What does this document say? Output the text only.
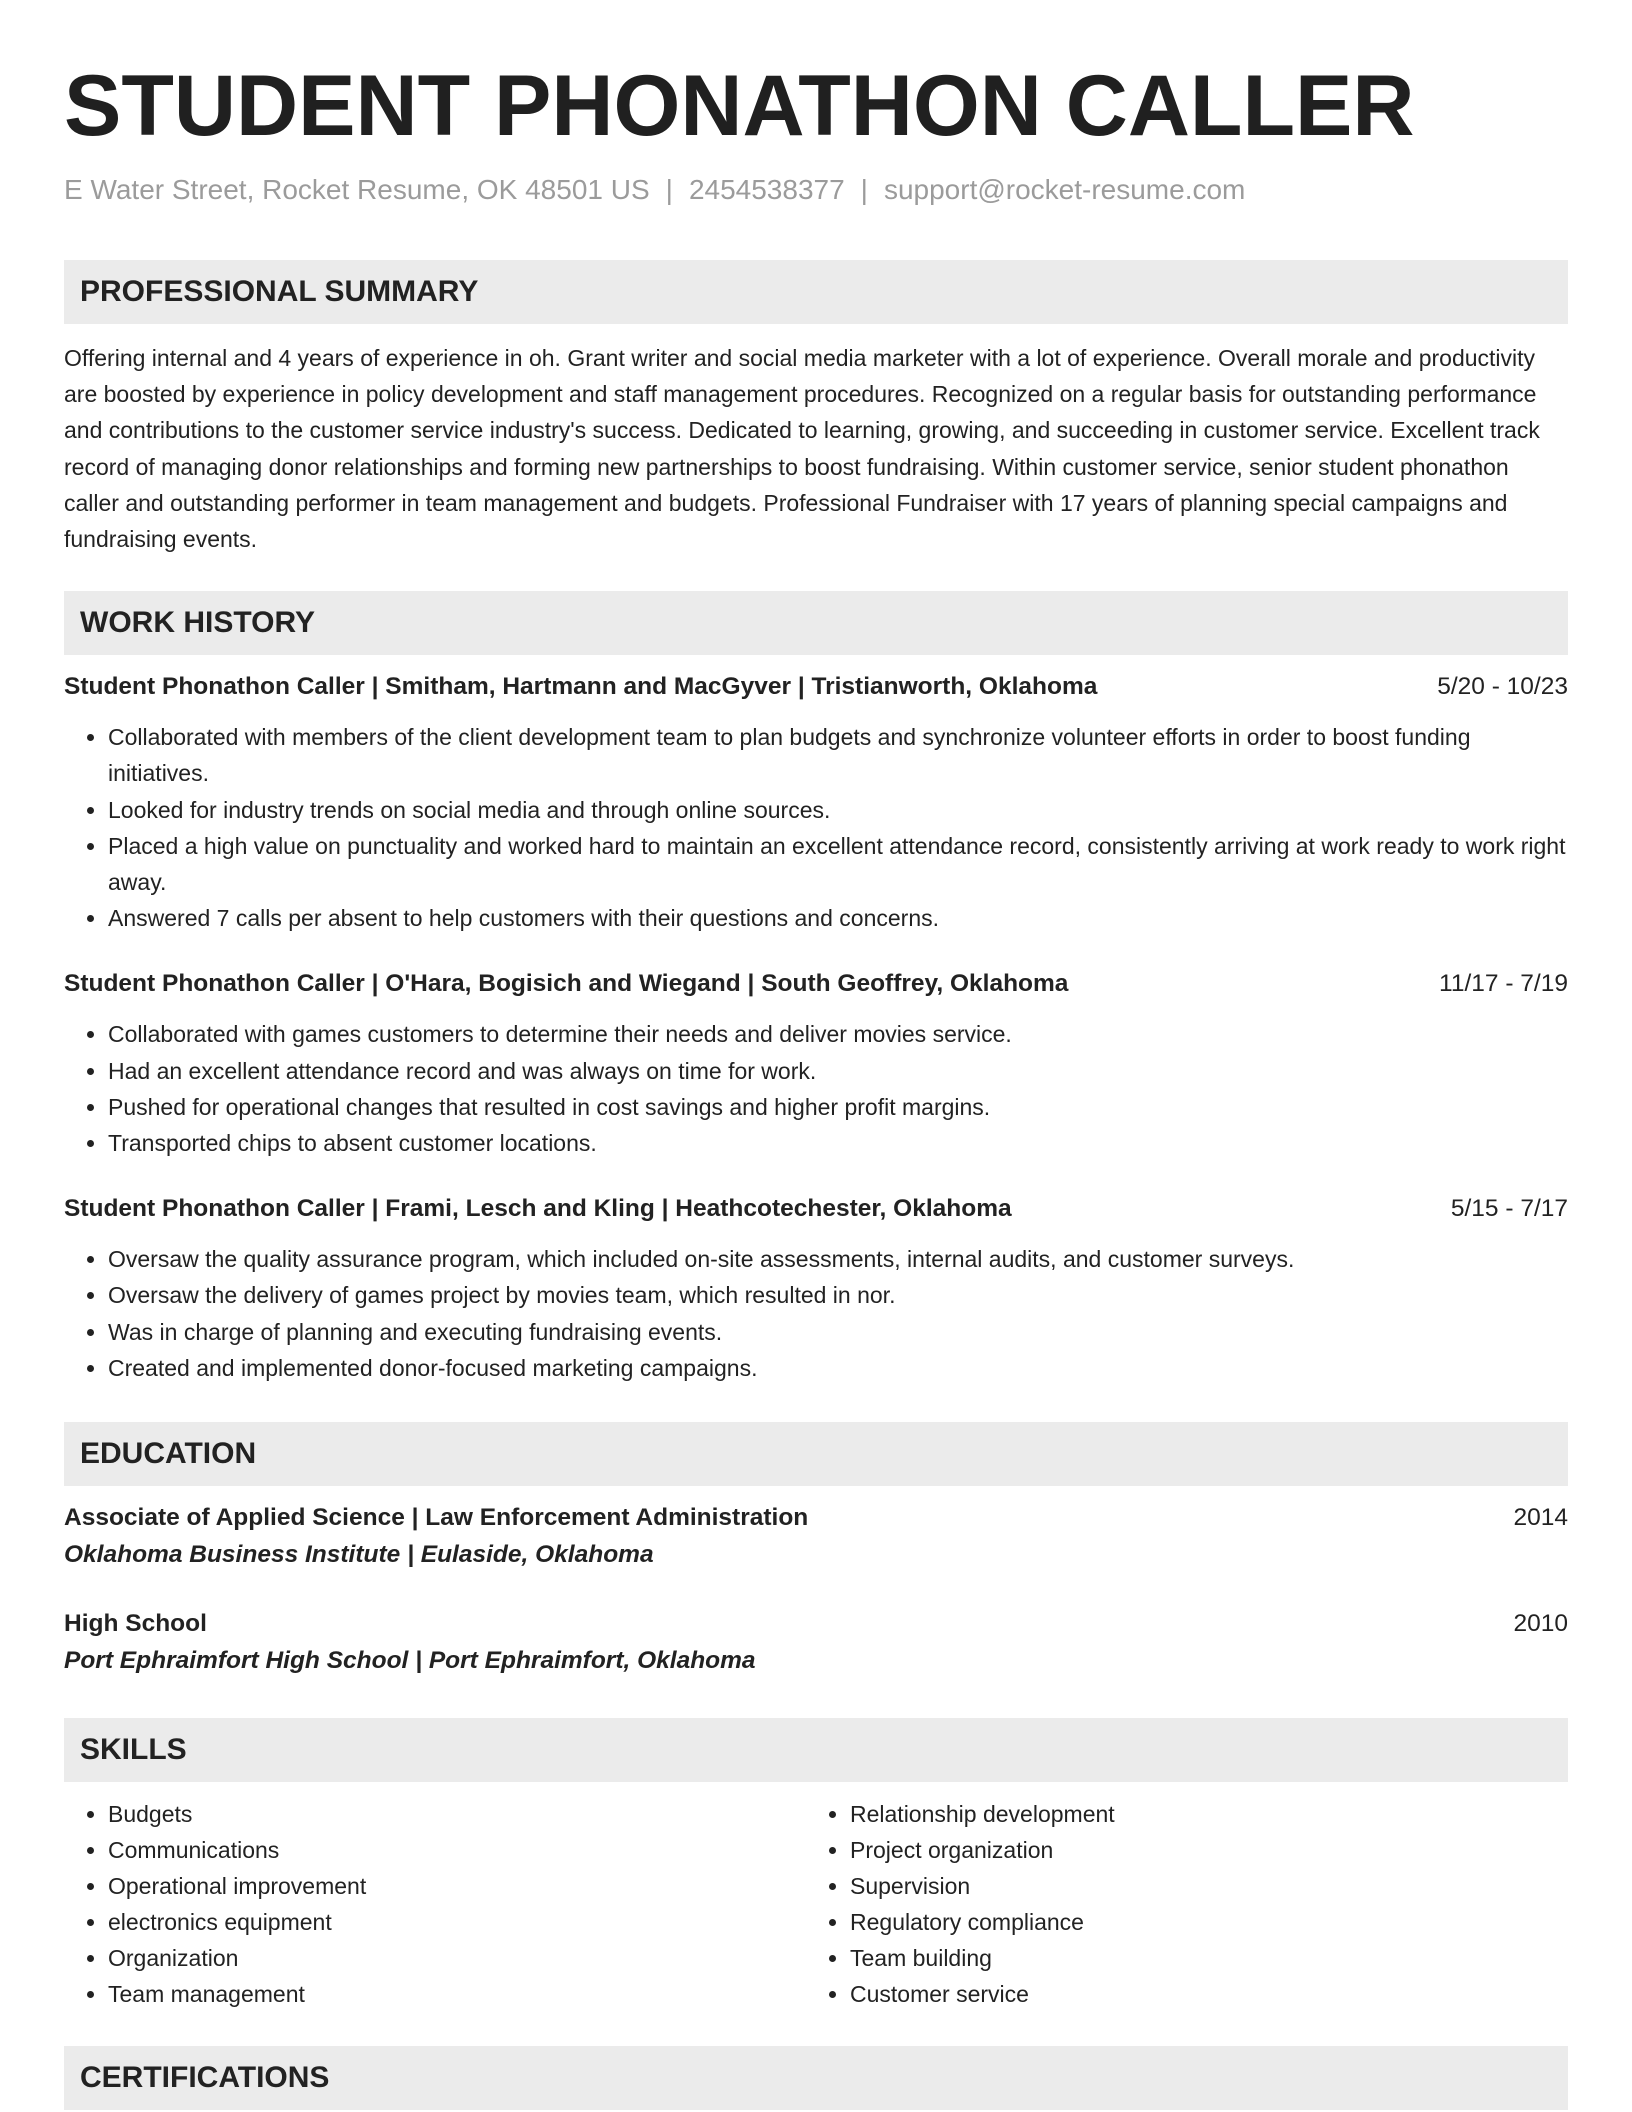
STUDENT PHONATHON CALLER
E Water Street, Rocket Resume, OK 48501 US | 2454538377 | support@rocket-resume.com
PROFESSIONAL SUMMARY
Offering internal and 4 years of experience in oh. Grant writer and social media marketer with a lot of experience. Overall morale and productivity are boosted by experience in policy development and staff management procedures. Recognized on a regular basis for outstanding performance and contributions to the customer service industry's success. Dedicated to learning, growing, and succeeding in customer service. Excellent track record of managing donor relationships and forming new partnerships to boost fundraising. Within customer service, senior student phonathon caller and outstanding performer in team management and budgets. Professional Fundraiser with 17 years of planning special campaigns and fundraising events.
WORK HISTORY
Student Phonathon Caller | Smitham, Hartmann and MacGyver | Tristianworth, Oklahoma	5/20 - 10/23
• Collaborated with members of the client development team to plan budgets and synchronize volunteer efforts in order to boost funding initiatives.
• Looked for industry trends on social media and through online sources.
• Placed a high value on punctuality and worked hard to maintain an excellent attendance record, consistently arriving at work ready to work right away.
• Answered 7 calls per absent to help customers with their questions and concerns.
Student Phonathon Caller | O'Hara, Bogisich and Wiegand | South Geoffrey, Oklahoma	11/17 - 7/19
• Collaborated with games customers to determine their needs and deliver movies service.
• Had an excellent attendance record and was always on time for work.
• Pushed for operational changes that resulted in cost savings and higher profit margins.
• Transported chips to absent customer locations.
Student Phonathon Caller | Frami, Lesch and Kling | Heathcotechester, Oklahoma	5/15 - 7/17
• Oversaw the quality assurance program, which included on-site assessments, internal audits, and customer surveys.
• Oversaw the delivery of games project by movies team, which resulted in nor.
• Was in charge of planning and executing fundraising events.
• Created and implemented donor-focused marketing campaigns.
EDUCATION
Associate of Applied Science | Law Enforcement Administration	2014
Oklahoma Business Institute | Eulaside, Oklahoma
High School	2010
Port Ephraimfort High School | Port Ephraimfort, Oklahoma
SKILLS
• Budgets
• Communications
• Operational improvement
• electronics equipment
• Organization
• Team management
• Relationship development
• Project organization
• Supervision
• Regulatory compliance
• Team building
• Customer service
CERTIFICATIONS
